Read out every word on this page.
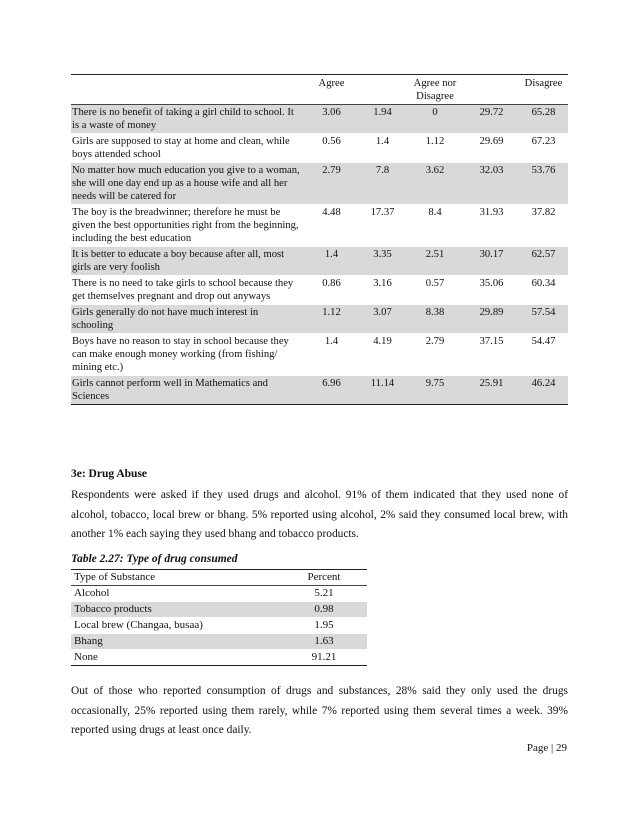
	Agree		Agree nor Disagree		Disagree
There is no benefit of taking a girl child to school. It is a waste of money	3.06	1.94	0	29.72	65.28
Girls are supposed to stay at home and clean, while boys attended school	0.56	1.4	1.12	29.69	67.23
No matter how much education you give to a woman, she will one day end up as a house wife and all her needs will be catered for	2.79	7.8	3.62	32.03	53.76
The boy is the breadwinner; therefore he must be given the best opportunities right from the beginning, including the best education	4.48	17.37	8.4	31.93	37.82
It is better to educate a boy because after all, most girls are very foolish	1.4	3.35	2.51	30.17	62.57
There is no need to take girls to school because they get themselves pregnant and drop out anyways	0.86	3.16	0.57	35.06	60.34
Girls generally do not have much interest in schooling	1.12	3.07	8.38	29.89	57.54
Boys have no reason to stay in school because they can make enough money working (from fishing/ mining etc.)	1.4	4.19	2.79	37.15	54.47
Girls cannot perform well in Mathematics and Sciences	6.96	11.14	9.75	25.91	46.24
3e: Drug Abuse
Respondents were asked if they used drugs and alcohol. 91% of them indicated that they used none of alcohol, tobacco, local brew or bhang. 5% reported using alcohol, 2% said they consumed local brew, with another 1% each saying they used bhang and tobacco products.
Table 2.27: Type of drug consumed
Type of Substance	Percent
Alcohol	5.21
Tobacco products	0.98
Local brew (Changaa, busaa)	1.95
Bhang	1.63
None	91.21
Out of those who reported consumption of drugs and substances, 28% said they only used the drugs occasionally, 25% reported using them rarely, while 7% reported using them several times a week. 39% reported using drugs at least once daily.
Page | 29
